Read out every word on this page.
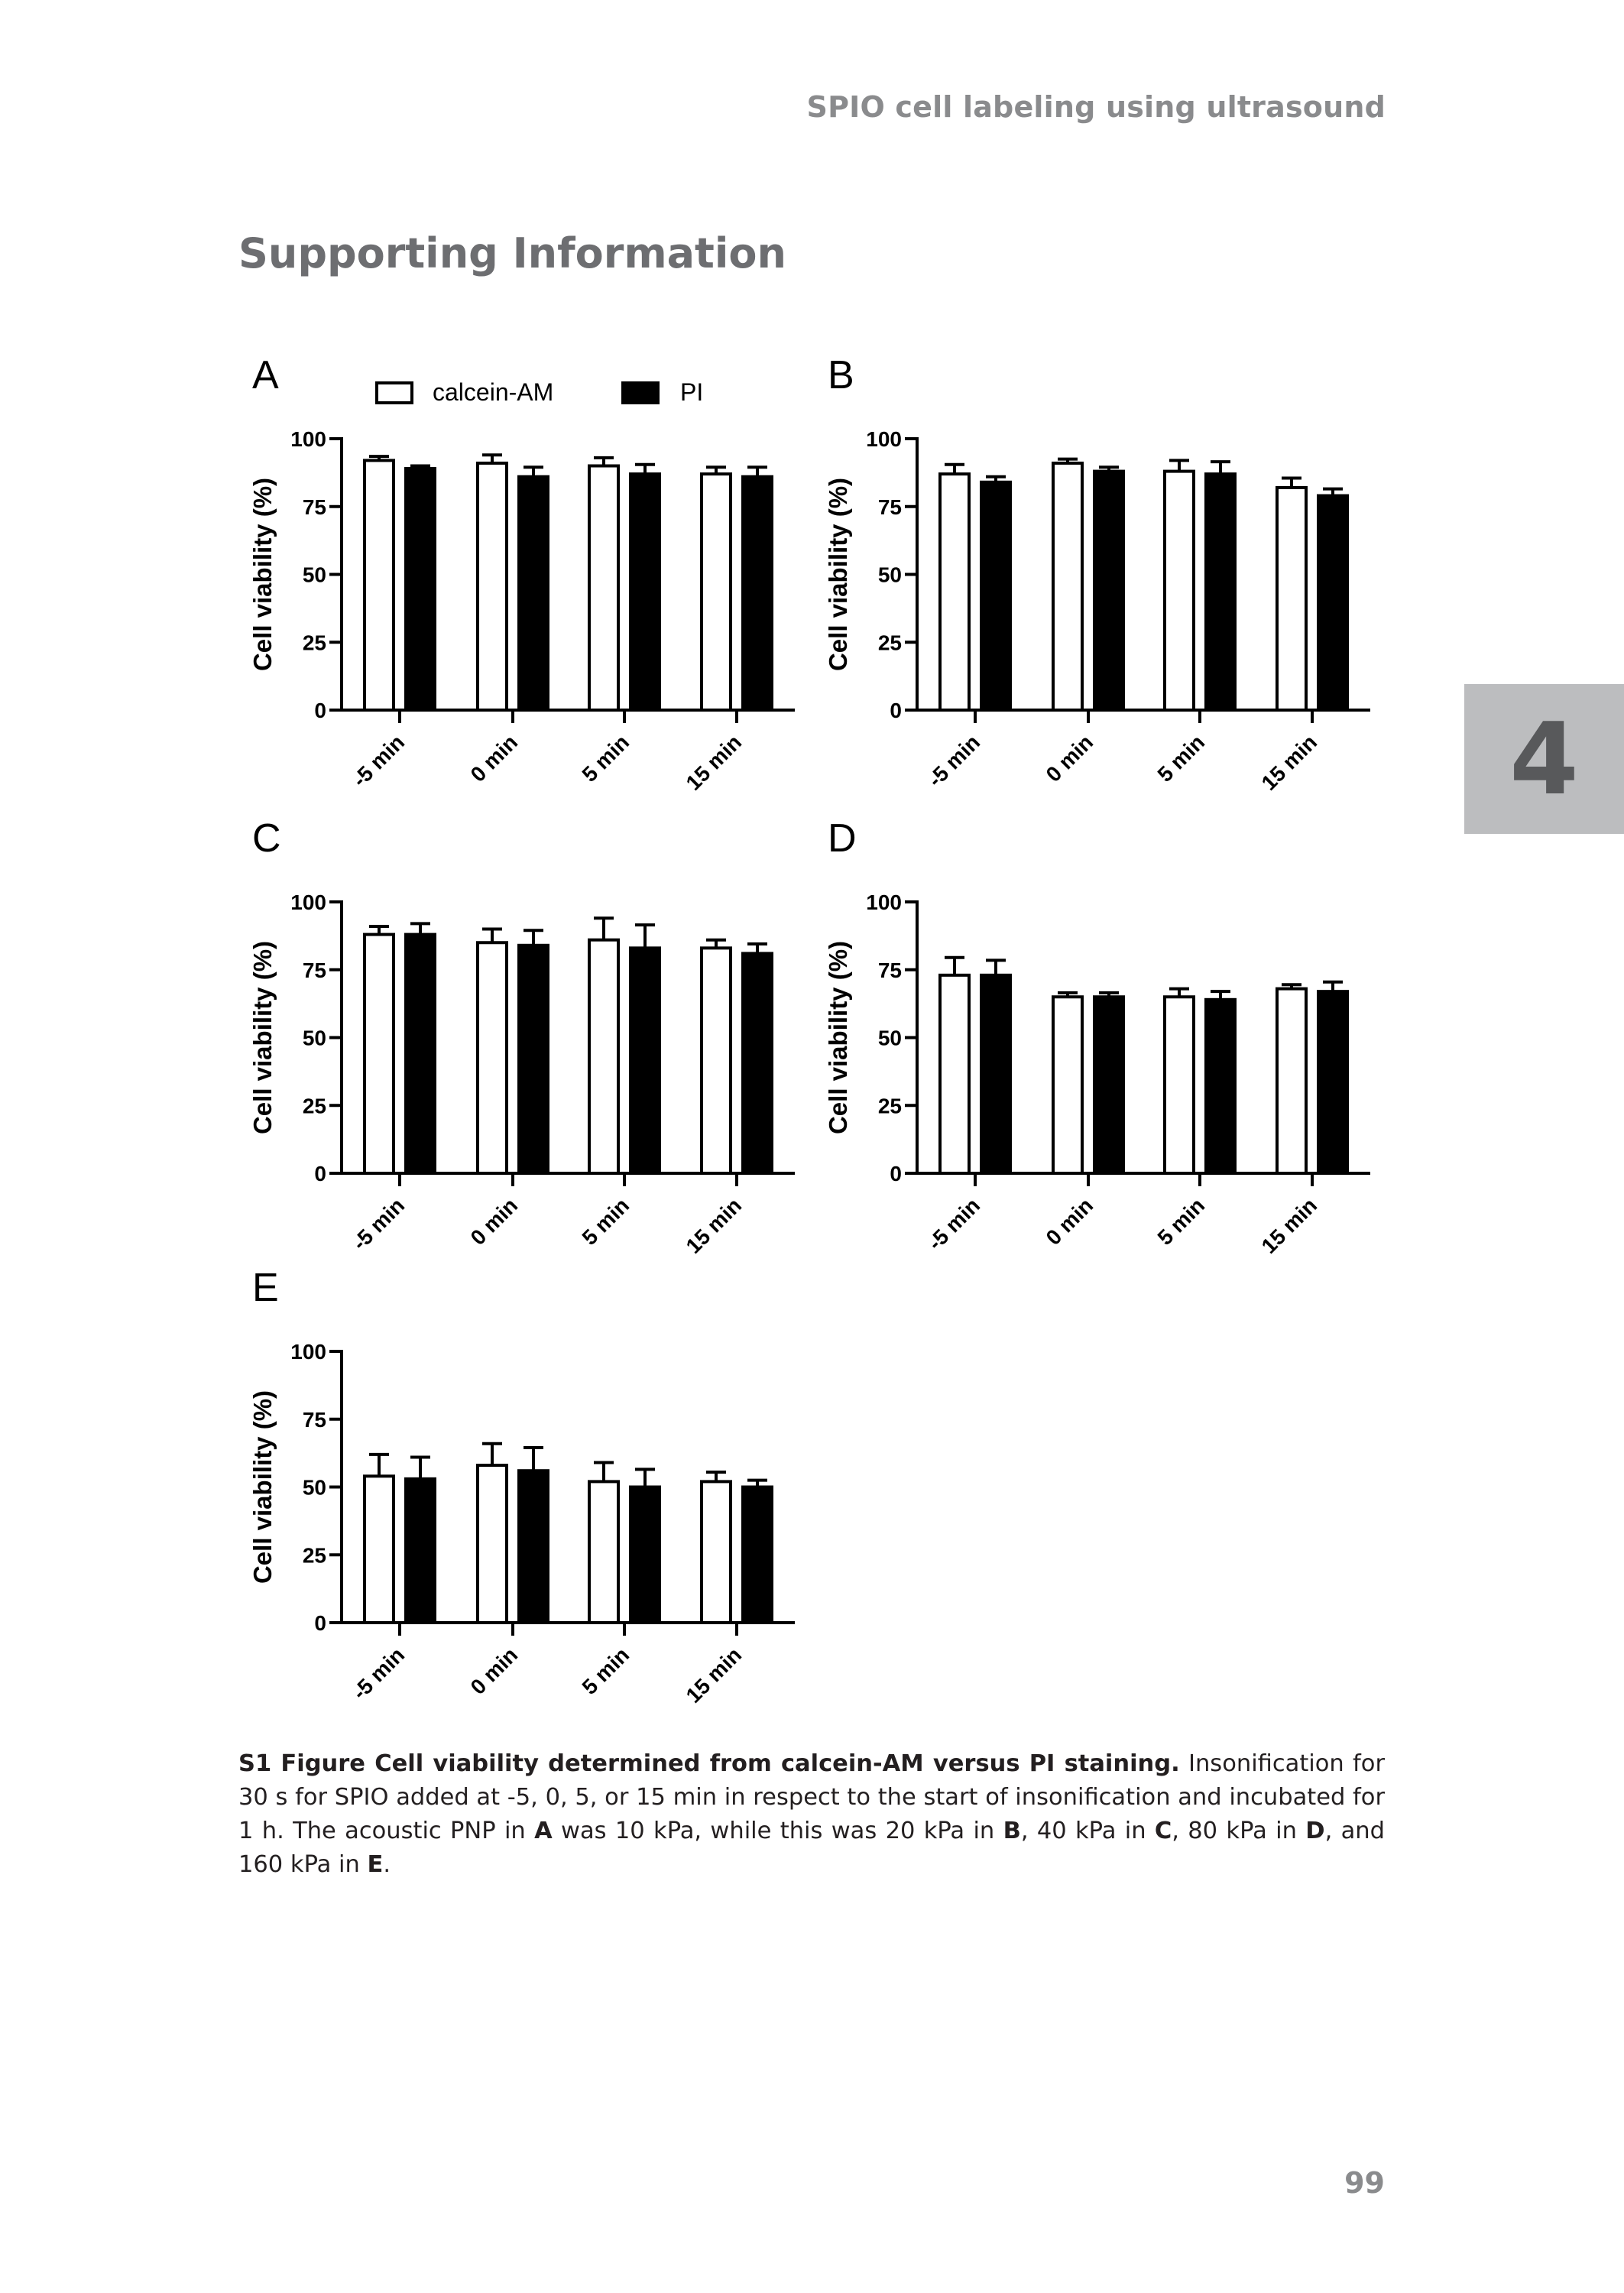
SPIO cell labeling using ultrasound
Supporting Information
4
calcein-AM	PI
A
Cell viability (%)
0
25
50
75
100
-5 min	0 min	5 min 15 min
B
Cell viability (%)
0
25
50
75
100
-5 min	0 min	5 min 15 min
C
Cell viability (%)
0
25
50
75
100
-5 min	0 min	5 min 15 min
D
Cell viability (%)
0
25
50
75
100
-5 min	0 min	5 min 15 min
E
Cell viability (%)
0
25
50
75
100
-5 min	0 min	5 min 15 min
S1 Figure Cell viability determined from calcein-AM versus PI staining. Insonification for 30 s for SPIO added at -5, 0, 5, or 15 min in respect to the start of insonification and incubated for 1 h. The acoustic PNP in A was 10 kPa, while this was 20 kPa in B, 40 kPa in C, 80 kPa in D, and 160 kPa in E.
99
